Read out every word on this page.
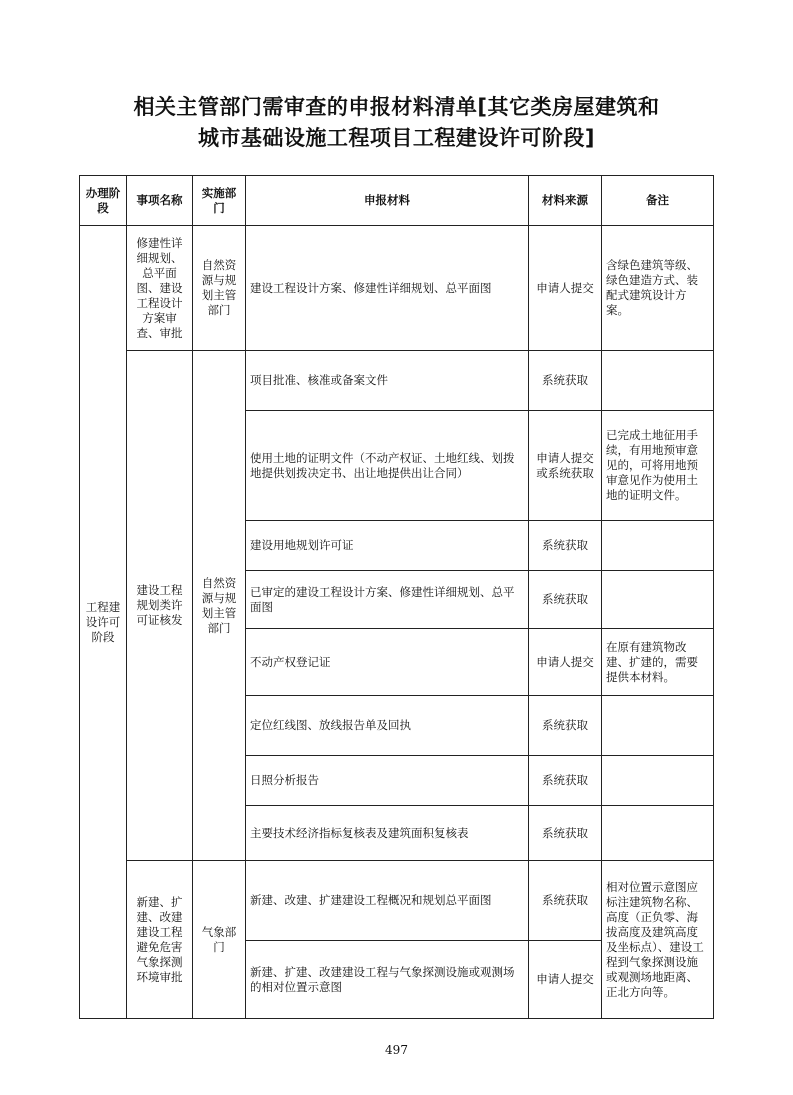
相关主管部门需审查的申报材料清单[其它类房屋建筑和
城市基础设施工程项目工程建设许可阶段]
办理阶段	事项名称	实施部门	申报材料	材料来源	备注
工程建设许可阶段	修建性详细规划、总平面图、建设工程设计方案审查、审批	自然资源与规划主管部门	建设工程设计方案、修建性详细规划、总平面图	申请人提交	含绿色建筑等级、绿色建造方式、装配式建筑设计方案。
	建设工程规划类许可证核发	自然资源与规划主管部门	项目批准、核准或备案文件	系统获取	
			使用土地的证明文件（不动产权证、土地红线、划拨地提供划拨决定书、出让地提供出让合同）	申请人提交或系统获取	已完成土地征用手续，有用地预审意见的，可将用地预审意见作为使用土地的证明文件。
			建设用地规划许可证	系统获取	
			已审定的建设工程设计方案、修建性详细规划、总平面图	系统获取	
			不动产权登记证	申请人提交	在原有建筑物改建、扩建的，需要提供本材料。
			定位红线图、放线报告单及回执	系统获取	
			日照分析报告	系统获取	
			主要技术经济指标复核表及建筑面积复核表	系统获取	
	新建、扩建、改建建设工程避免危害气象探测环境审批	气象部门	新建、改建、扩建建设工程概况和规划总平面图	系统获取	相对位置示意图应标注建筑物名称、高度（正负零、海拔高度及建筑高度及坐标点）、建设工程到气象探测设施或观测场地距离、正北方向等。
			新建、扩建、改建建设工程与气象探测设施或观测场的相对位置示意图	申请人提交	
497
